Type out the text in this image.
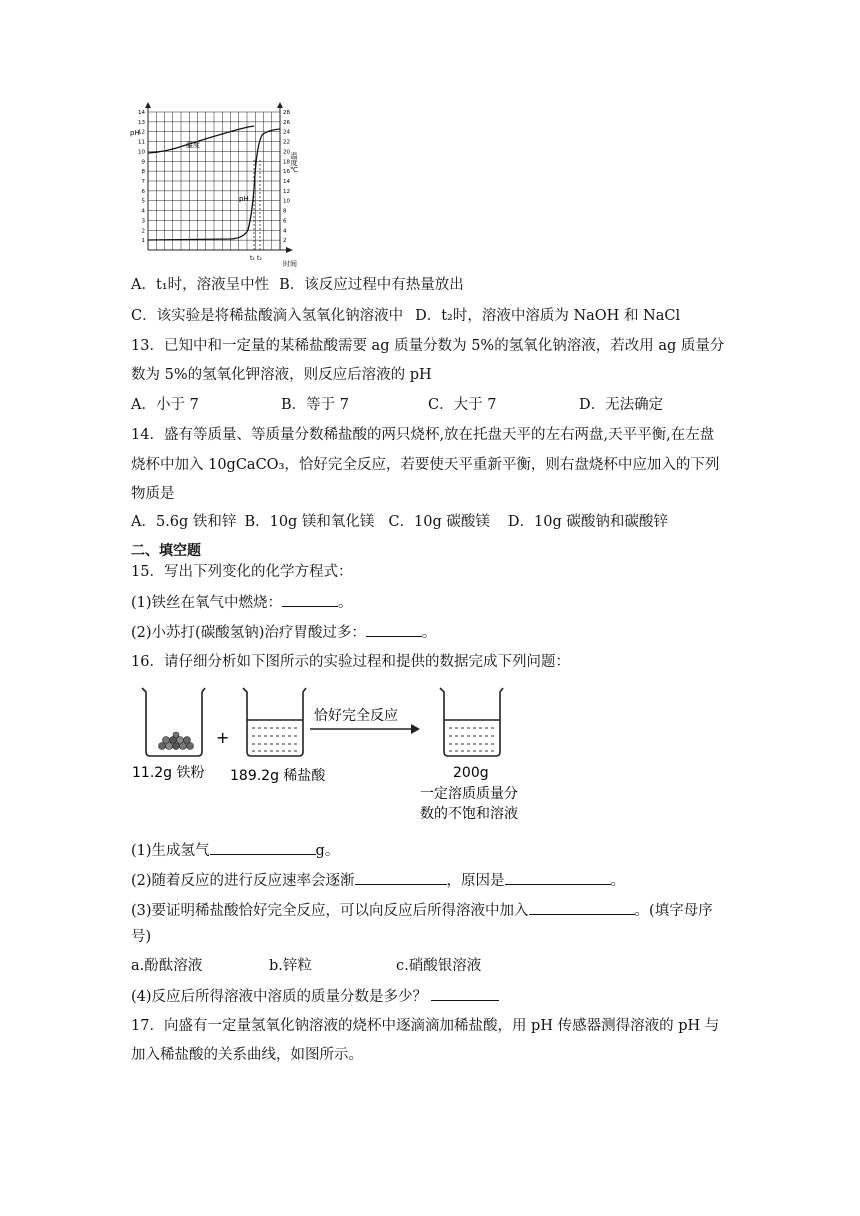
1
2
3
4
5
6
7
8
9
10
11
12
13
14
2
4
6
8
10
12
14
16
18
20
22
24
26
28
pH
温度
pH
温度℃
t₁ t₂
时间
A．t₁时，溶液呈中性 B．该反应过程中有热量放出
C．该实验是将稀盐酸滴入氢氧化钠溶液中 D．t₂时，溶液中溶质为 NaOH 和 NaCl
13．已知中和一定量的某稀盐酸需要 ag 质量分数为 5%的氢氧化钠溶液，若改用 ag 质量分
数为 5%的氢氧化钾溶液，则反应后溶液的 pH
A．小于 7	B．等于 7	C．大于 7	D．无法确定
14．盛有等质量、等质量分数稀盐酸的两只烧杯,放在托盘天平的左右两盘,天平平衡,在左盘
烧杯中加入 10gCaCO₃，恰好完全反应，若要使天平重新平衡，则右盘烧杯中应加入的下列
物质是
A．5.6g 铁和锌 B．10g 镁和氧化镁 C．10g 碳酸镁 D．10g 碳酸钠和碳酸锌
二、填空题
15．写出下列变化的化学方程式：
(1)铁丝在氧气中燃烧：	。
(2)小苏打(碳酸氢钠)治疗胃酸过多：	。
16．请仔细分析如下图所示的实验过程和提供的数据完成下列问题：
11.2g 铁粉
+
189.2g 稀盐酸
恰好完全反应
200g
一定溶质质量分
数的不饱和溶液
(1)生成氢气	g。
(2)随着反应的进行反应速率会逐渐	，原因是	。
(3)要证明稀盐酸恰好完全反应，可以向反应后所得溶液中加入	。(填字母序
号)
a.酚酞溶液	b.锌粒	c.硝酸银溶液
(4)反应后所得溶液中溶质的质量分数是多少？
17．向盛有一定量氢氧化钠溶液的烧杯中逐滴滴加稀盐酸，用 pH 传感器测得溶液的 pH 与
加入稀盐酸的关系曲线，如图所示。
